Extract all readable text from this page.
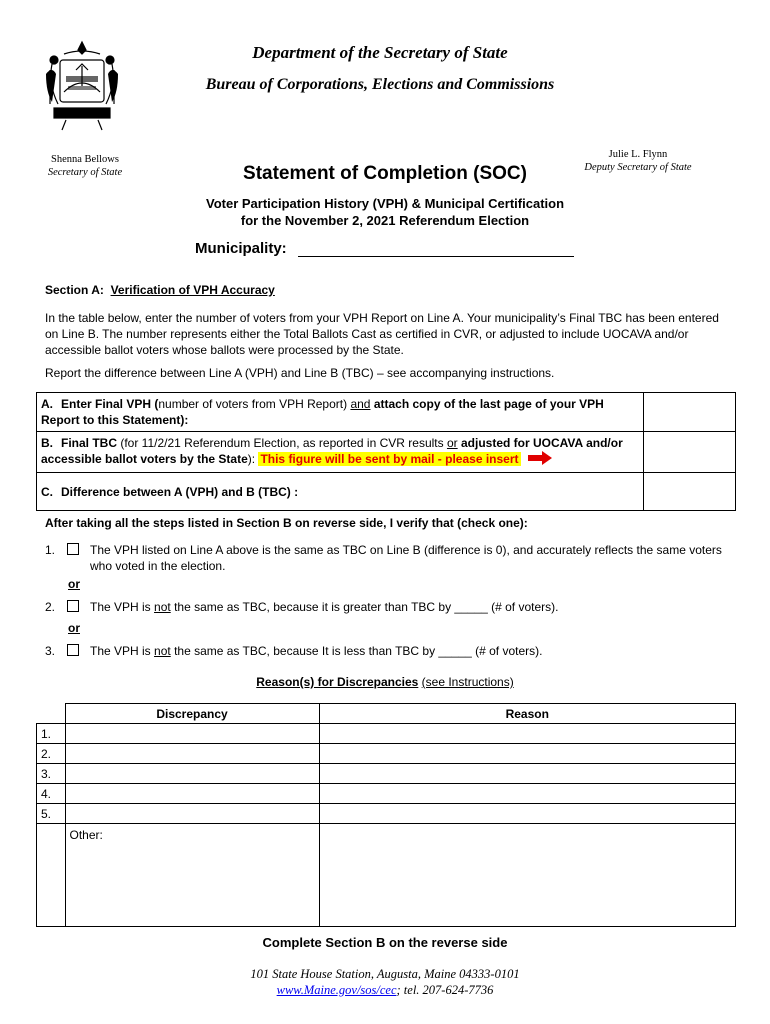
Department of the Secretary of State
Bureau of Corporations, Elections and Commissions
Shenna Bellows
Secretary of State
Julie L. Flynn
Deputy Secretary of State
Statement of Completion (SOC)
Voter Participation History (VPH) & Municipal Certification
for the November 2, 2021 Referendum Election
Municipality:
Section A: Verification of VPH Accuracy
In the table below, enter the number of voters from your VPH Report on Line A. Your municipality’s Final TBC has been entered on Line B. The number represents either the Total Ballots Cast as certified in CVR, or adjusted to include UOCAVA and/or accessible ballot voters whose ballots were processed by the State.
Report the difference between Line A (VPH) and Line B (TBC) – see accompanying instructions.
A. Enter Final VPH (number of voters from VPH Report) and attach copy of the last page of your VPH Report to this Statement):	
B. Final TBC (for 11/2/21 Referendum Election, as reported in CVR results or adjusted for UOCAVA and/or accessible ballot voters by the State): This figure will be sent by mail - please insert	
C. Difference between A (VPH) and B (TBC) :	
After taking all the steps listed in Section B on reverse side, I verify that (check one):
1.	The VPH listed on Line A above is the same as TBC on Line B (difference is 0), and accurately reflects the same voters who voted in the election.
or
2.	The VPH is not the same as TBC, because it is greater than TBC by _____ (# of voters).
or
3.	The VPH is not the same as TBC, because It is less than TBC by _____ (# of voters).
Reason(s) for Discrepancies (see Instructions)
	Discrepancy	Reason
1.		
2.		
3.		
4.		
5.		
	Other:	
Complete Section B on the reverse side
101 State House Station, Augusta, Maine 04333-0101
www.Maine.gov/sos/cec; tel. 207-624-7736
